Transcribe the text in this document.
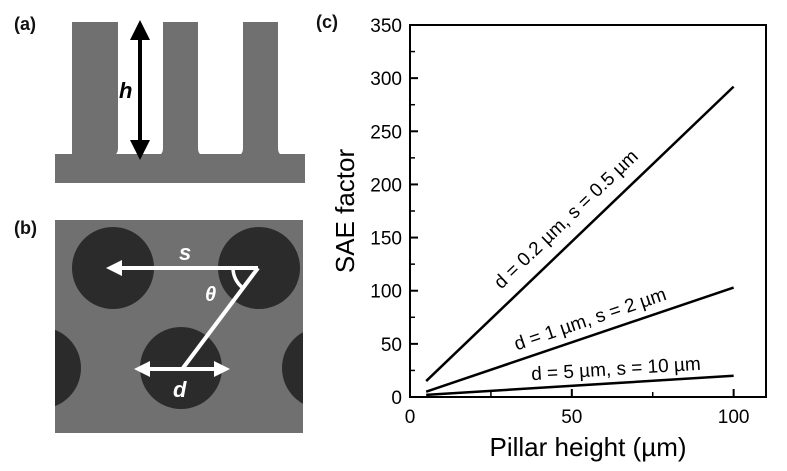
(a)
(b)
(c)
h
s
θ
d	0
50
100
150
200
250
300
350
0	50	100
d = 0.2 µm, s = 0.5 µm
d = 1 µm, s = 2 µm
d = 5 µm, s = 10 µm
Pillar height (µm)
SAE factor
